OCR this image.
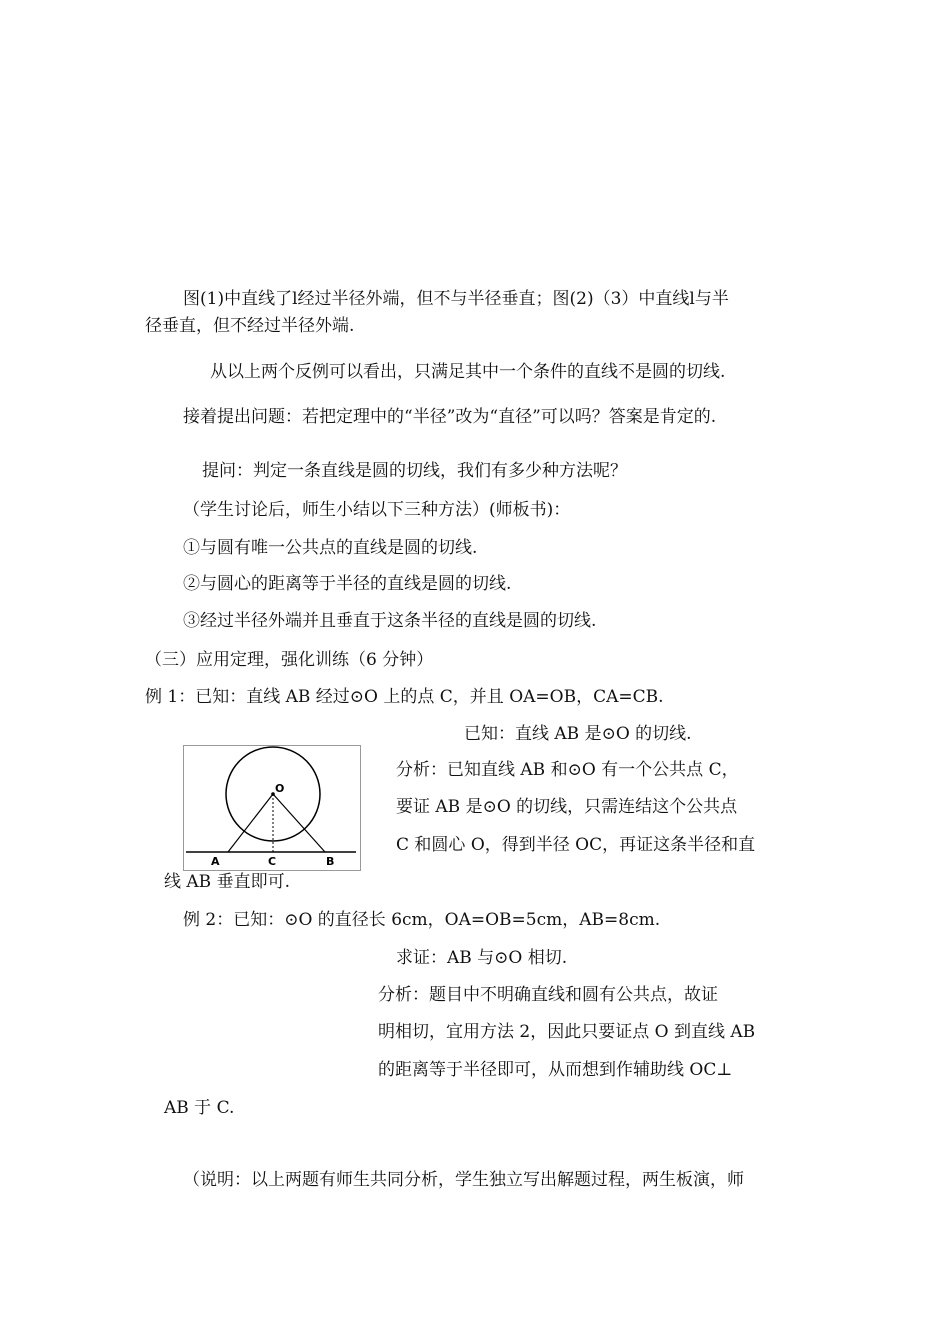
图(1)中直线了l经过半径外端，但不与半径垂直；图(2)（3）中直线l与半
径垂直，但不经过半径外端.
从以上两个反例可以看出，只满足其中一个条件的直线不是圆的切线.
接着提出问题：若把定理中的“半径”改为“直径”可以吗？答案是肯定的.
提问：判定一条直线是圆的切线，我们有多少种方法呢？
（学生讨论后，师生小结以下三种方法）(师板书)：
①与圆有唯一公共点的直线是圆的切线.
②与圆心的距离等于半径的直线是圆的切线.
③经过半径外端并且垂直于这条半径的直线是圆的切线.
（三）应用定理，强化训练（6 分钟）
例 1：已知：直线 AB 经过⊙O 上的点 C，并且 OA=OB，CA=CB.
已知：直线 AB 是⊙O 的切线.
O
A	C	B
分析：已知直线 AB 和⊙O 有一个公共点 C，
要证 AB 是⊙O 的切线，只需连结这个公共点
C 和圆心 O，得到半径 OC，再证这条半径和直
线 AB 垂直即可.
例 2：已知：⊙O 的直径长 6cm，OA=OB=5cm，AB=8cm.
求证：AB 与⊙O 相切.
分析：题目中不明确直线和圆有公共点，故证
明相切，宜用方法 2，因此只要证点 O 到直线 AB
的距离等于半径即可，从而想到作辅助线 OC⊥
AB 于 C.
（说明：以上两题有师生共同分析，学生独立写出解题过程，两生板演，师
